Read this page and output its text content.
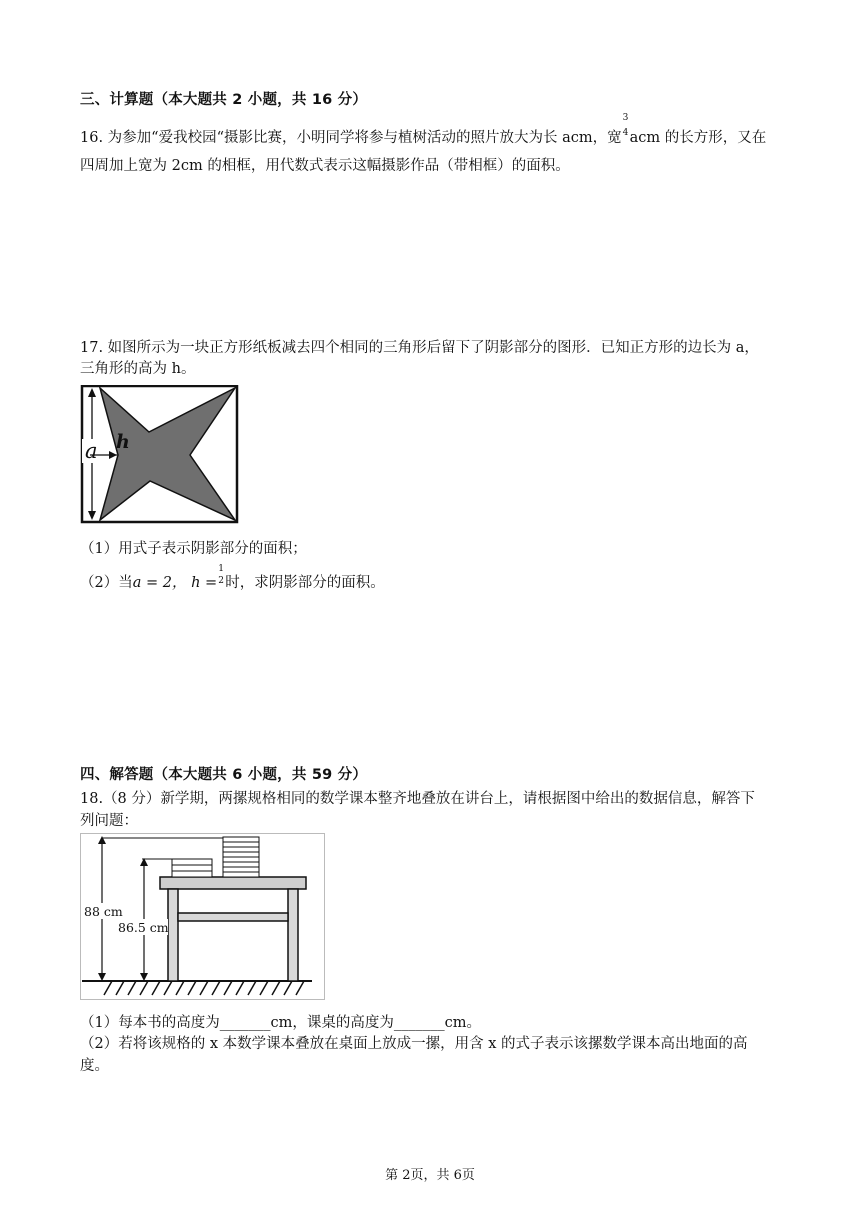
三、计算题（本大题共 2 小题，共 16 分）
16. 为参加“爱我校园“摄影比赛，小明同学将参与植树活动的照片放大为长 acm，宽
3
4 acm 的长方形，又在
四周加上宽为 2cm 的相框，用代数式表示这幅摄影作品（带相框）的面积。
17. 如图所示为一块正方形纸板减去四个相同的三角形后留下了阴影部分的图形．已知正方形的边长为 a，
三角形的高为 h。
a h
（1）用式子表示阴影部分的面积；
（2）当a = 2， h =
1
2 时，求阴影部分的面积。
四、解答题（本大题共 6 小题，共 59 分）
18.（8 分）新学期，两摞规格相同的数学课本整齐地叠放在讲台上，请根据图中给出的数据信息，解答下
列问题：
88 cm
86.5 cm
（1）每本书的高度为_______cm，课桌的高度为_______cm。
（2）若将该规格的 x 本数学课本叠放在桌面上放成一摞，用含 x 的式子表示该摞数学课本高出地面的高
度。
第 2页，共 6页
